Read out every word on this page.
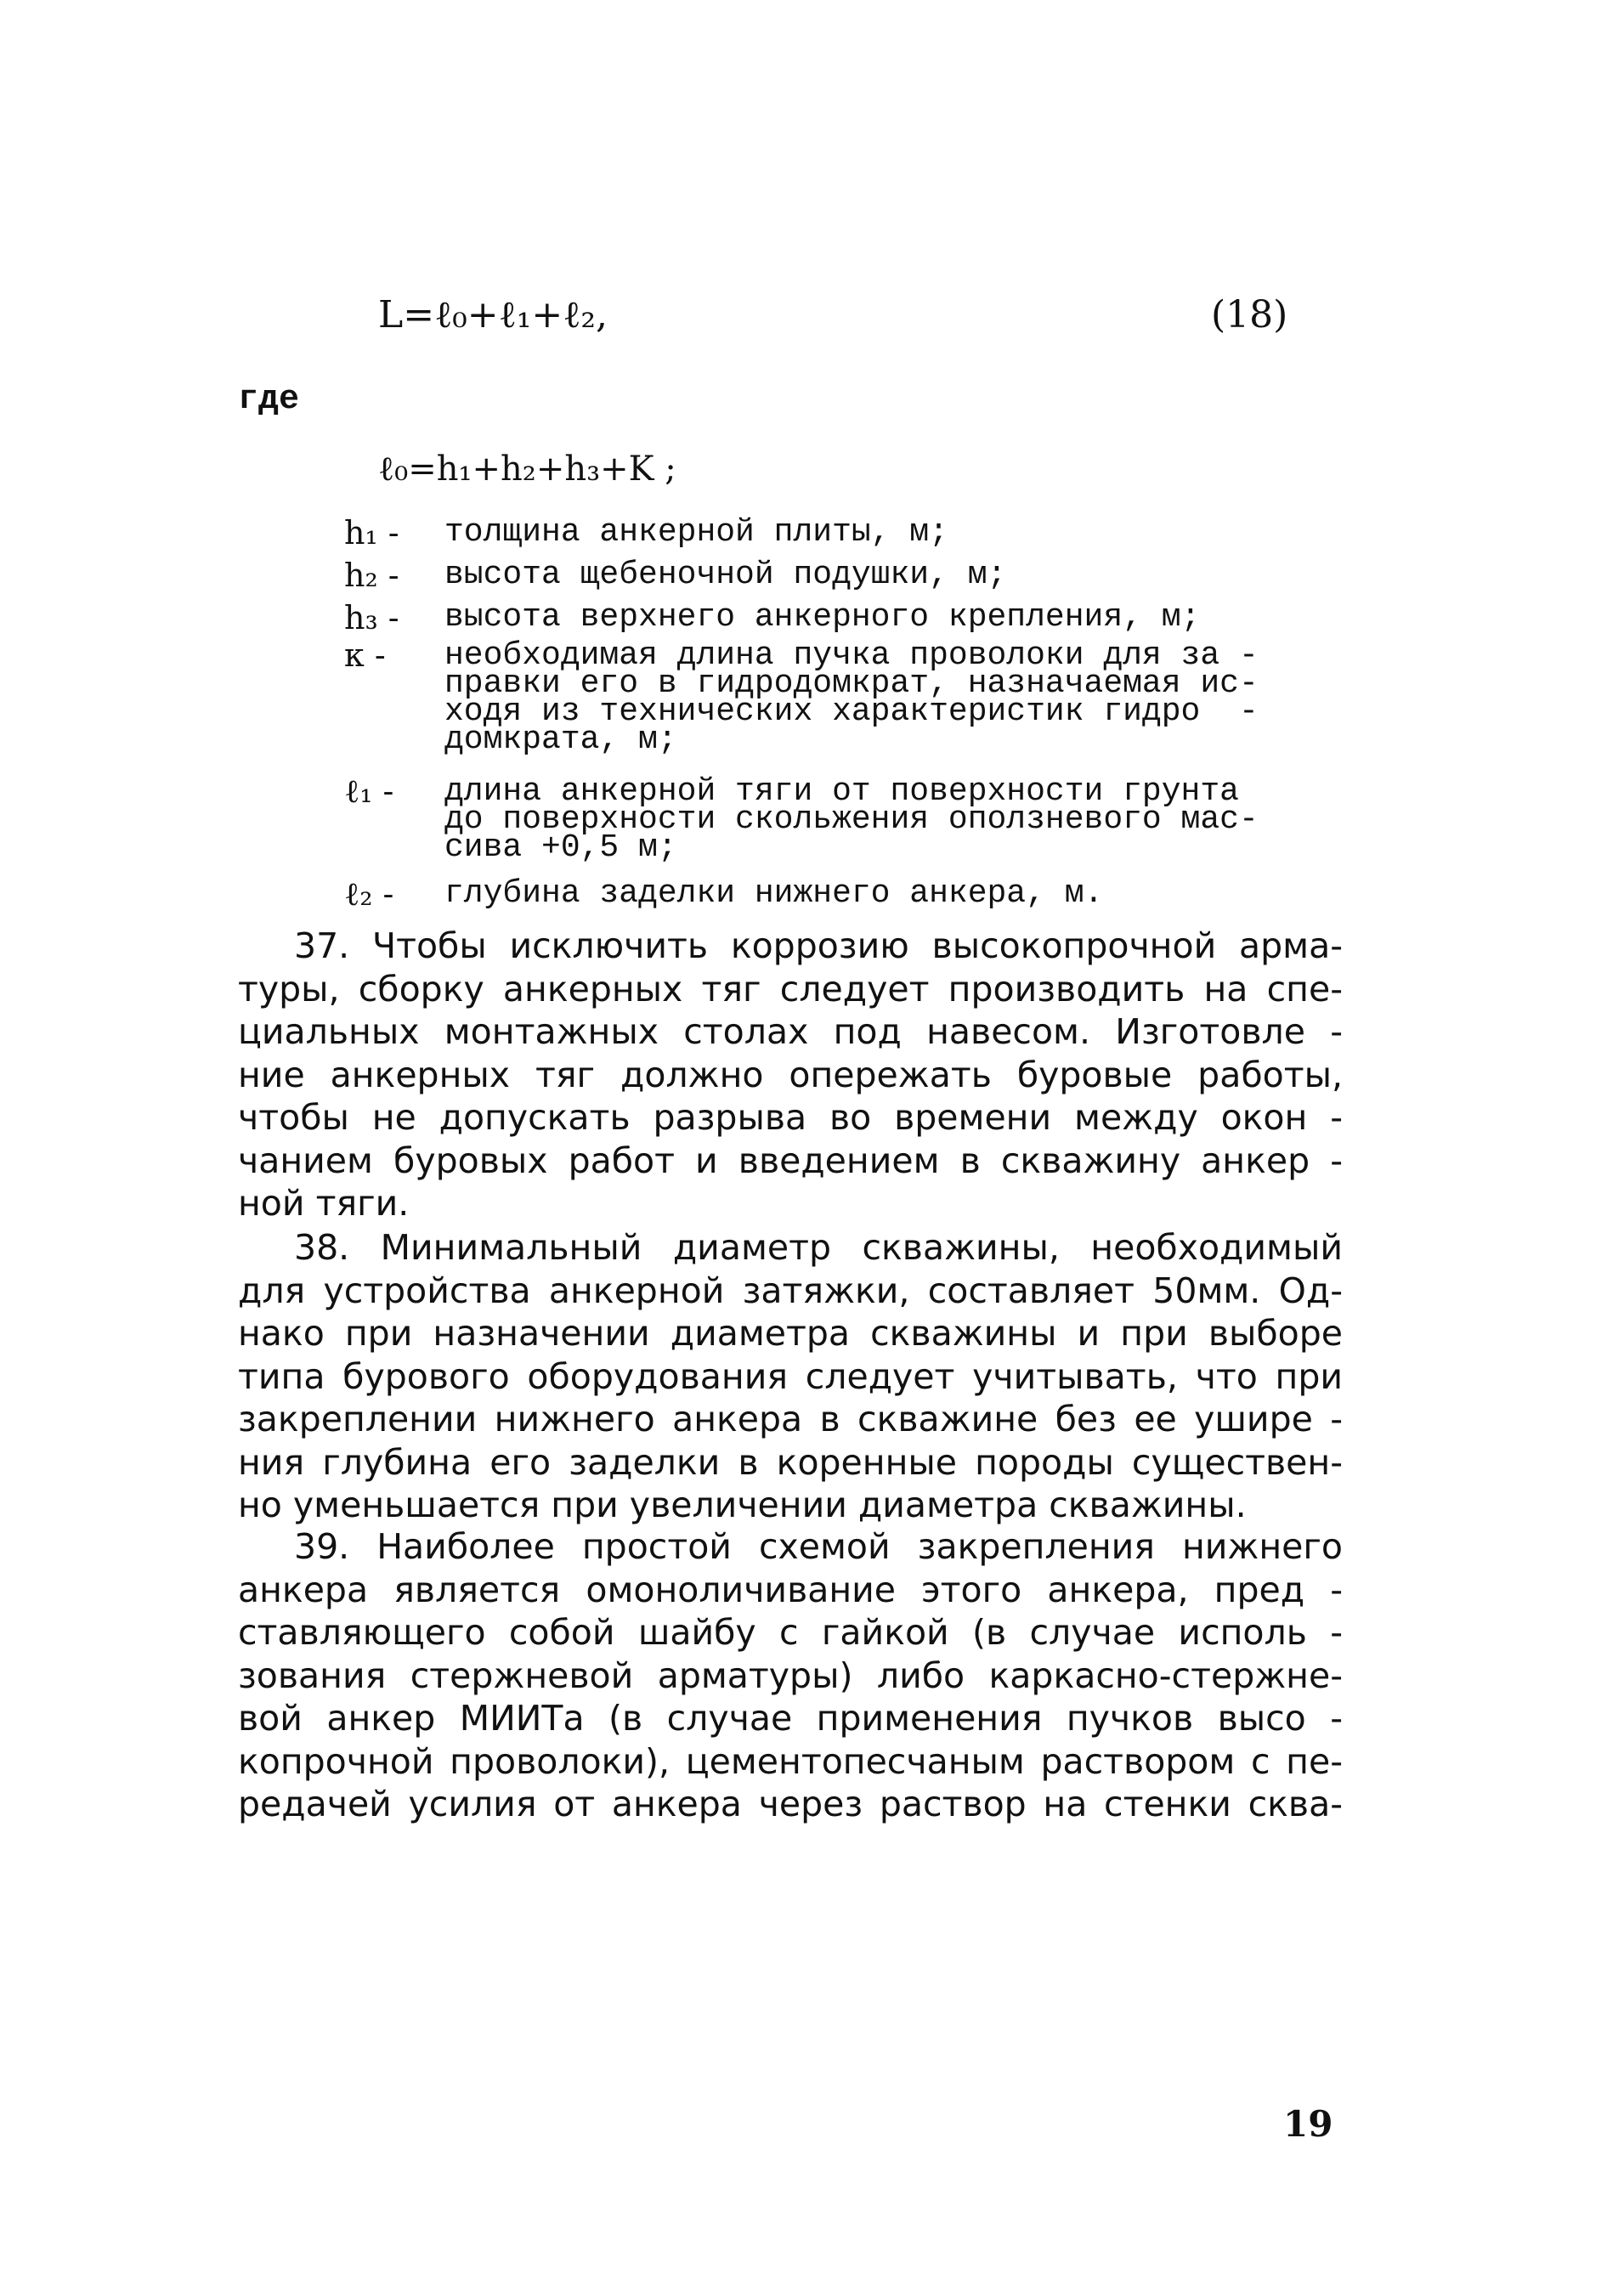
L=ℓ₀+ℓ₁+ℓ₂,	(18)
где
ℓ₀=h₁+h₂+h₃+K ;
h₁ - толщина анкерной плиты, м;
h₂ - высота щебеночной подушки, м;
h₃ - высота верхнего анкерного крепления, м;
к -	необходимая длина пучка проволоки для за -
правки его в гидродомкрат, назначаемая ис-
ходя из технических характеристик гидро  -
домкрата, м;
ℓ₁ -	длина анкерной тяги от поверхности грунта
до поверхности скольжения оползневого мас-
сива +0,5 м;
ℓ₂ -	глубина заделки нижнего анкера, м.
37. Чтобы исключить коррозию высокопрочной арма-
туры, сборку анкерных тяг следует производить на спе-
циальных монтажных столах под навесом. Изготовле -
ние анкерных тяг должно опережать буровые работы,
чтобы не допускать разрыва во времени между окон -
чанием буровых работ и введением в скважину анкер -
ной тяги.
38. Минимальный диаметр скважины, необходимый
для устройства анкерной затяжки, составляет 50мм. Од-
нако при назначении диаметра скважины и при выборе
типа бурового оборудования следует учитывать, что при
закреплении нижнего анкера в скважине без ее уширe -
ния глубина его заделки в коренные породы существен-
но уменьшается при увеличении диаметра скважины.
39. Наиболее простой схемой закрепления нижнего
анкера является омоноличивание этого анкера, пред -
ставляющего собой шайбу с гайкой (в случае исполь -
зования стержневой арматуры) либо каркасно-стержне-
вой анкер МИИТа (в случае применения пучков высо -
копрочной проволоки), цементопесчаным раствором с пе-
редачей усилия от анкера через раствор на стенки сква-
19
